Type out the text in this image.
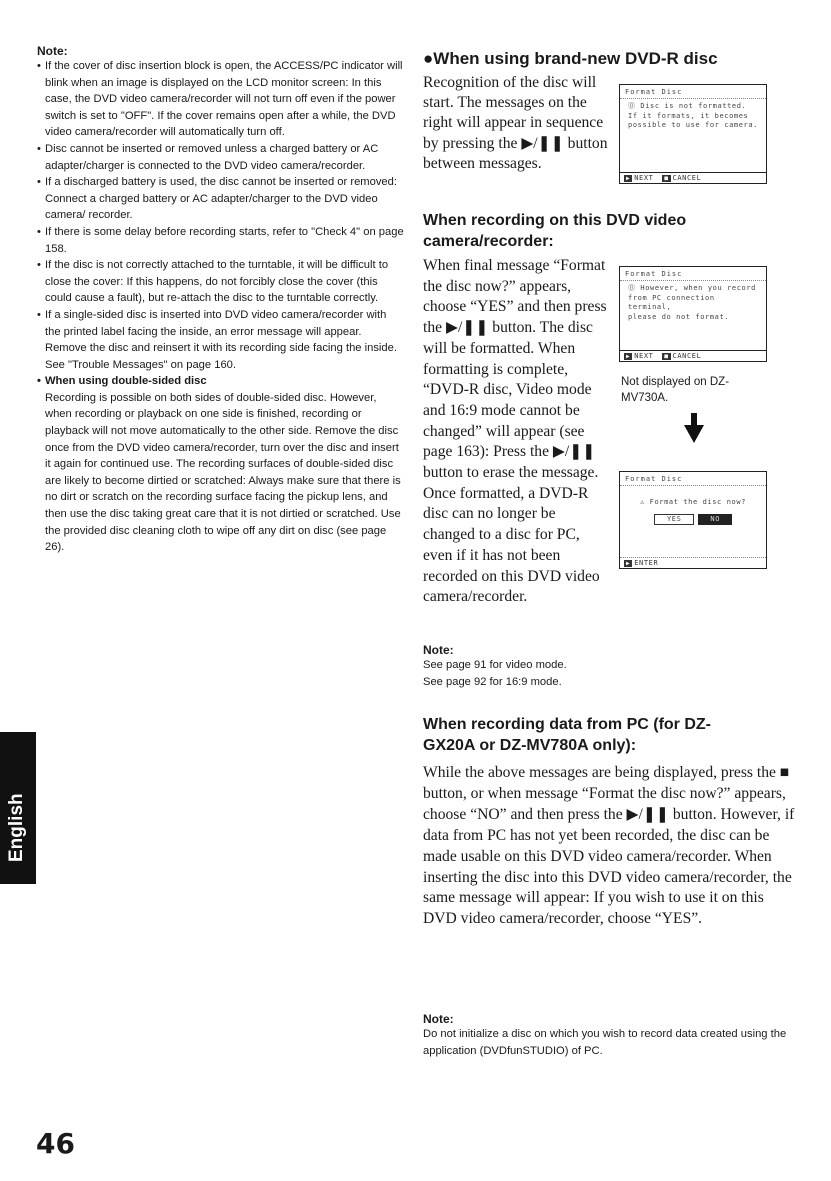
Note:
• If the cover of disc insertion block is open, the ACCESS/PC indicator will blink when an image is displayed on the LCD monitor screen: In this case, the DVD video camera/recorder will not turn off even if the power switch is set to "OFF". If the cover remains open after a while, the DVD video camera/recorder will automatically turn off.
• Disc cannot be inserted or removed unless a charged battery or AC adapter/charger is connected to the DVD video camera/recorder.
• If a discharged battery is used, the disc cannot be inserted or removed: Connect a charged battery or AC adapter/charger to the DVD video camera/ recorder.
• If there is some delay before recording starts, refer to "Check 4" on page 158.
• If the disc is not correctly attached to the turntable, it will be difficult to close the cover: If this happens, do not forcibly close the cover (this could cause a fault), but re-attach the disc to the turntable correctly.
• If a single-sided disc is inserted into DVD video camera/recorder with the printed label facing the inside, an error message will appear. Remove the disc and reinsert it with its recording side facing the inside. See "Trouble Messages" on page 160.
• When using double-sided disc
Recording is possible on both sides of double-sided disc. However, when recording or playback on one side is finished, recording or playback will not move automatically to the other side. Remove the disc once from the DVD video camera/recorder, turn over the disc and insert it again for continued use. The recording surfaces of double-sided disc are likely to become dirtied or scratched: Always make sure that there is no dirt or scratch on the recording surface facing the pickup lens, and then use the disc taking great care that it is not dirtied or scratched. Use the provided disc cleaning cloth to wipe off any dirt on disc (see page 26).
●When using brand-new DVD-R disc
Recognition of the disc will start. The messages on the right will appear in sequence by pressing the ▶/❚❚ button between messages.
Format Disc
Ⓑ Disc is not formatted.
If it formats, it becomes
possible to use for camera.
▶ NEXT ■ CANCEL
When recording on this DVD video
camera/recorder:
When final message “Format the disc now?” appears, choose “YES” and then press the ▶/❚❚ button. The disc will be formatted. When formatting is complete, “DVD-R disc, Video mode and 16:9 mode cannot be changed” will appear (see page 163): Press the ▶/❚❚ button to erase the message. Once formatted, a DVD-R disc can no longer be changed to a disc for PC, even if it has not been recorded on this DVD video camera/recorder.
Format Disc
Ⓑ However, when you record
from PC connection
terminal,
please do not format.
▶ NEXT ■ CANCEL
Not displayed on DZ-MV730A.
Format Disc
⚠ Format the disc now?
YES	NO
▶ ENTER
Note:
See page 91 for video mode.
See page 92 for 16:9 mode.
When recording data from PC (for DZ-
GX20A or DZ-MV780A only):
While the above messages are being displayed, press the ■ button, or when message “Format the disc now?” appears, choose “NO” and then press the ▶/❚❚ button. However, if data from PC has not yet been recorded, the disc can be made usable on this DVD video camera/recorder. When inserting the disc into this DVD video camera/recorder, the same message will appear: If you wish to use it on this DVD video camera/recorder, choose “YES”.
Note:
Do not initialize a disc on which you wish to record data created using the application (DVDfunSTUDIO) of PC.
English
46
